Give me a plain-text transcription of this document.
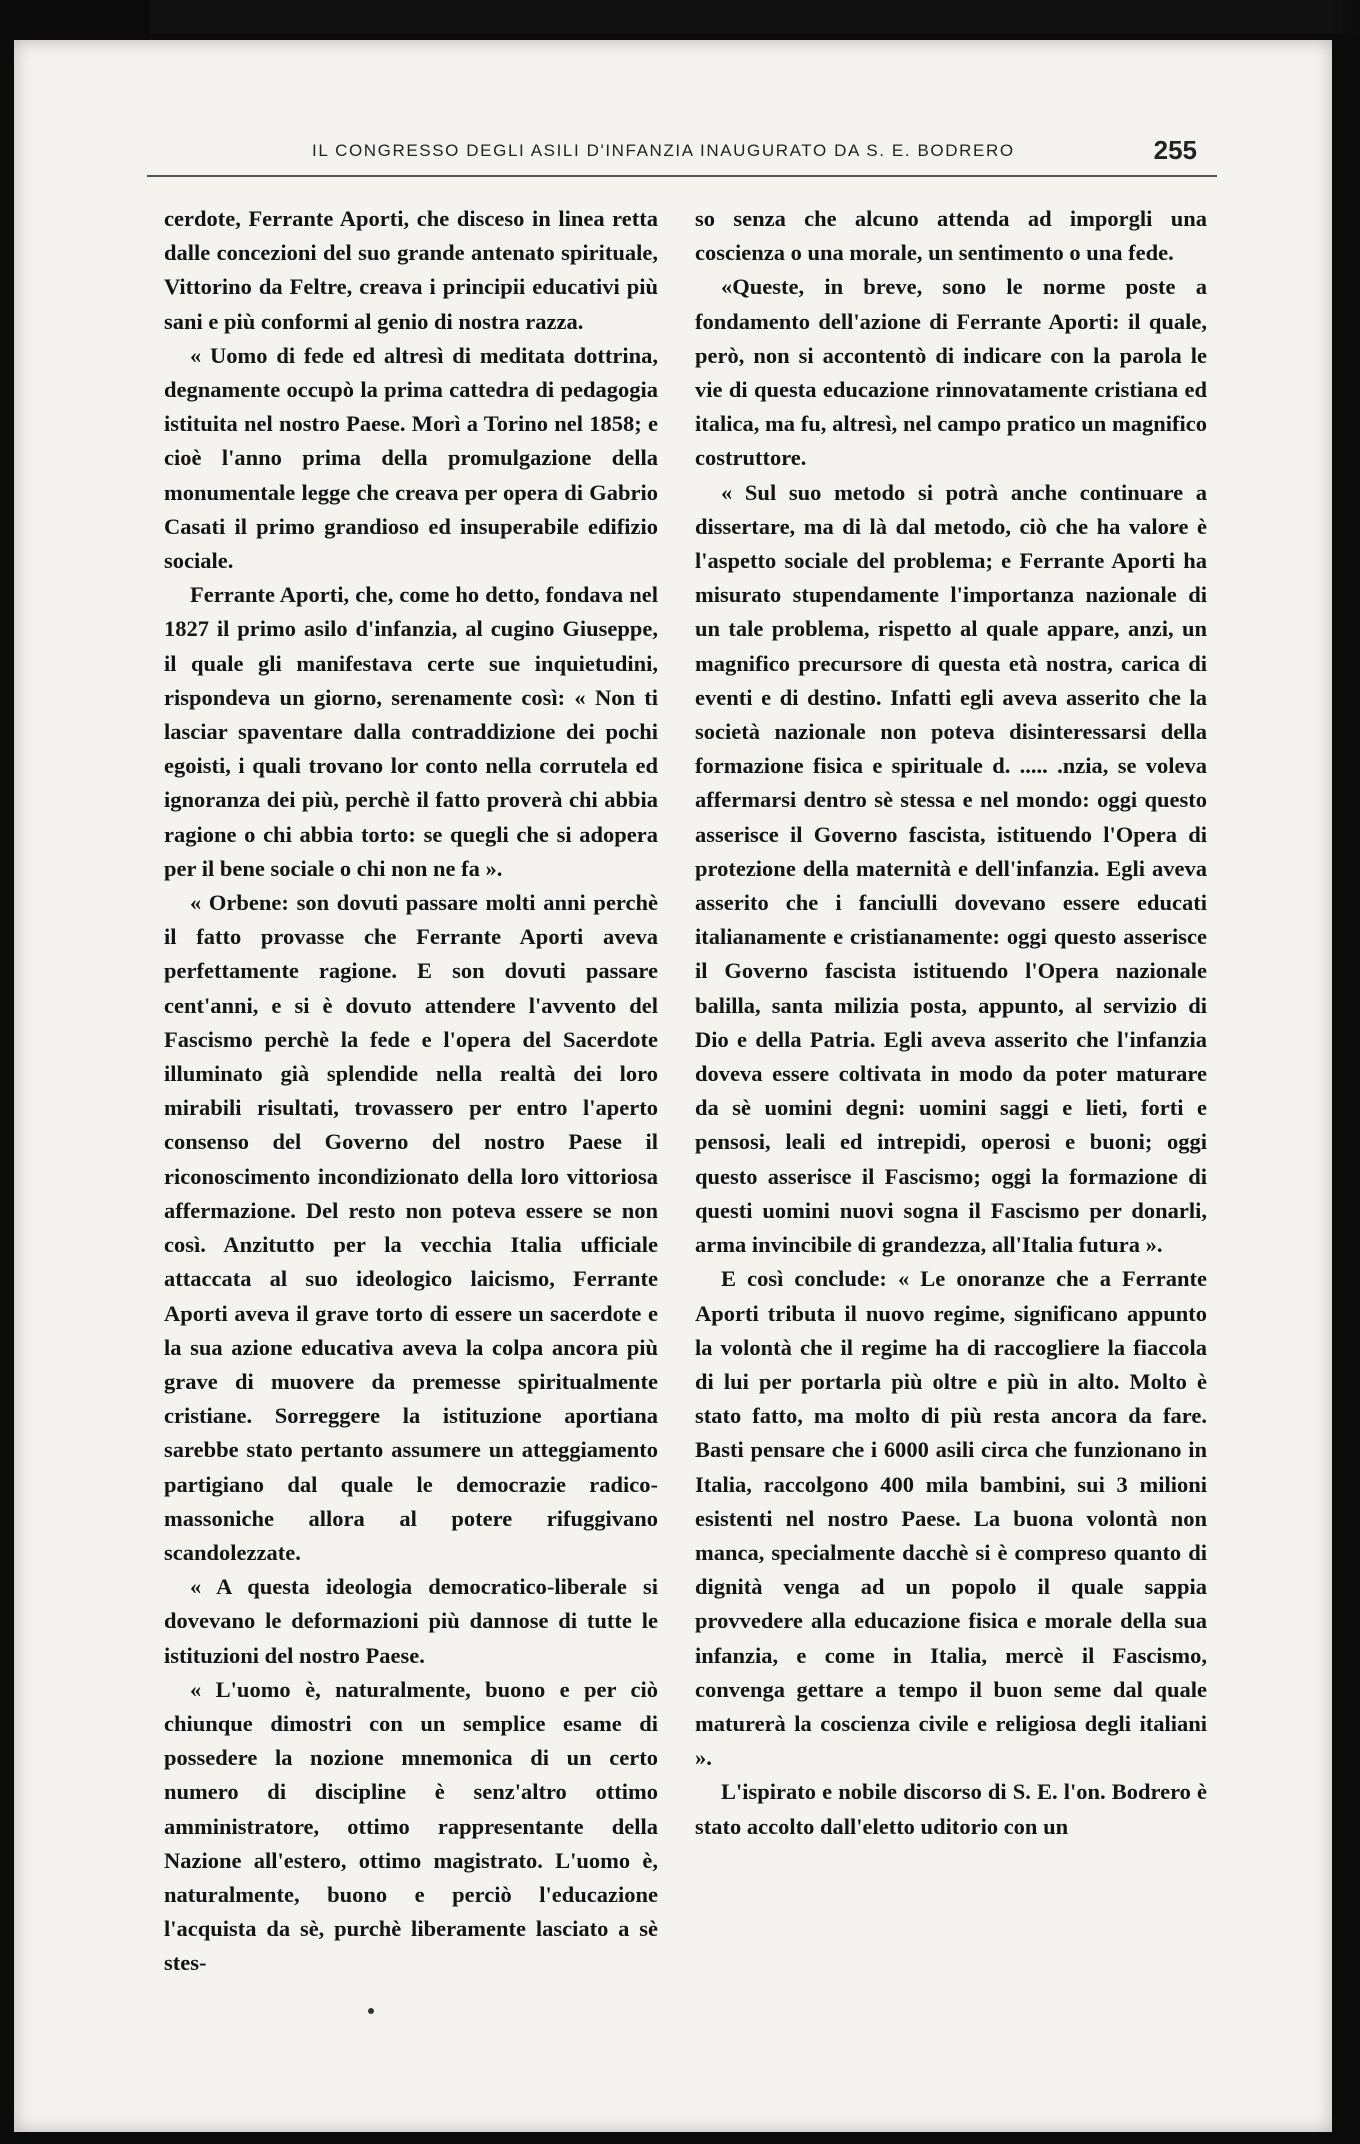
IL CONGRESSO DEGLI ASILI D'INFANZIA INAUGURATO DA S. E. BODRERO	255

cerdote, Ferrante Aporti, che disceso in linea retta dalle concezioni del suo grande antenato spirituale, Vittorino da Feltre, creava i principii educativi più sani e più conformi al genio di nostra razza.

« Uomo di fede ed altresì di meditata dottrina, degnamente occupò la prima cattedra di pedagogia istituita nel nostro Paese. Morì a Torino nel 1858; e cioè l'anno prima della promulgazione della monumentale legge che creava per opera di Gabrio Casati il primo grandioso ed insuperabile edifizio sociale.

Ferrante Aporti, che, come ho detto, fondava nel 1827 il primo asilo d'infanzia, al cugino Giuseppe, il quale gli manifestava certe sue inquietudini, rispondeva un giorno, serenamente così: « Non ti lasciar spaventare dalla contraddizione dei pochi egoisti, i quali trovano lor conto nella corrutela ed ignoranza dei più, perchè il fatto proverà chi abbia ragione o chi abbia torto: se quegli che si adopera per il bene sociale o chi non ne fa ».

« Orbene: son dovuti passare molti anni perchè il fatto provasse che Ferrante Aporti aveva perfettamente ragione. E son dovuti passare cent'anni, e si è dovuto attendere l'avvento del Fascismo perchè la fede e l'opera del Sacerdote illuminato già splendide nella realtà dei loro mirabili risultati, trovassero per entro l'aperto consenso del Governo del nostro Paese il riconoscimento incondizionato della loro vittoriosa affermazione. Del resto non poteva essere se non così. Anzitutto per la vecchia Italia ufficiale attaccata al suo ideologico laicismo, Ferrante Aporti aveva il grave torto di essere un sacerdote e la sua azione educativa aveva la colpa ancora più grave di muovere da premesse spiritualmente cristiane. Sorreggere la istituzione aportiana sarebbe stato pertanto assumere un atteggiamento partigiano dal quale le democrazie radico-massoniche allora al potere rifuggivano scandolezzate.

« A questa ideologia democratico-liberale si dovevano le deformazioni più dannose di tutte le istituzioni del nostro Paese.

« L'uomo è, naturalmente, buono e per ciò chiunque dimostri con un semplice esame di possedere la nozione mnemonica di un certo numero di discipline è senz'altro ottimo amministratore, ottimo rappresentante della Nazione all'estero, ottimo magistrato. L'uomo è, naturalmente, buono e perciò l'educazione l'acquista da sè, purchè liberamente lasciato a sè stes-

so senza che alcuno attenda ad imporgli una coscienza o una morale, un sentimento o una fede.

«Queste, in breve, sono le norme poste a fondamento dell'azione di Ferrante Aporti: il quale, però, non si accontentò di indicare con la parola le vie di questa educazione rinnovatamente cristiana ed italica, ma fu, altresì, nel campo pratico un magnifico costruttore.

« Sul suo metodo si potrà anche continuare a dissertare, ma di là dal metodo, ciò che ha valore è l'aspetto sociale del problema; e Ferrante Aporti ha misurato stupendamente l'importanza nazionale di un tale problema, rispetto al quale appare, anzi, un magnifico precursore di questa età nostra, carica di eventi e di destino. Infatti egli aveva asserito che la società nazionale non poteva disinteressarsi della formazione fisica e spirituale d. ..... .nzia, se voleva affermarsi dentro sè stessa e nel mondo: oggi questo asserisce il Governo fascista, istituendo l'Opera di protezione della maternità e dell'infanzia. Egli aveva asserito che i fanciulli dovevano essere educati italianamente e cristianamente: oggi questo asserisce il Governo fascista istituendo l'Opera nazionale balilla, santa milizia posta, appunto, al servizio di Dio e della Patria. Egli aveva asserito che l'infanzia doveva essere coltivata in modo da poter maturare da sè uomini degni: uomini saggi e lieti, forti e pensosi, leali ed intrepidi, operosi e buoni; oggi questo asserisce il Fascismo; oggi la formazione di questi uomini nuovi sogna il Fascismo per donarli, arma invincibile di grandezza, all'Italia futura ».

E così conclude: « Le onoranze che a Ferrante Aporti tributa il nuovo regime, significano appunto la volontà che il regime ha di raccogliere la fiaccola di lui per portarla più oltre e più in alto. Molto è stato fatto, ma molto di più resta ancora da fare. Basti pensare che i 6000 asili circa che funzionano in Italia, raccolgono 400 mila bambini, sui 3 milioni esistenti nel nostro Paese. La buona volontà non manca, specialmente dacchè si è compreso quanto di dignità venga ad un popolo il quale sappia provvedere alla educazione fisica e morale della sua infanzia, e come in Italia, mercè il Fascismo, convenga gettare a tempo il buon seme dal quale maturerà la coscienza civile e religiosa degli italiani ».

L'ispirato e nobile discorso di S. E. l'on. Bodrero è stato accolto dall'eletto uditorio con un
